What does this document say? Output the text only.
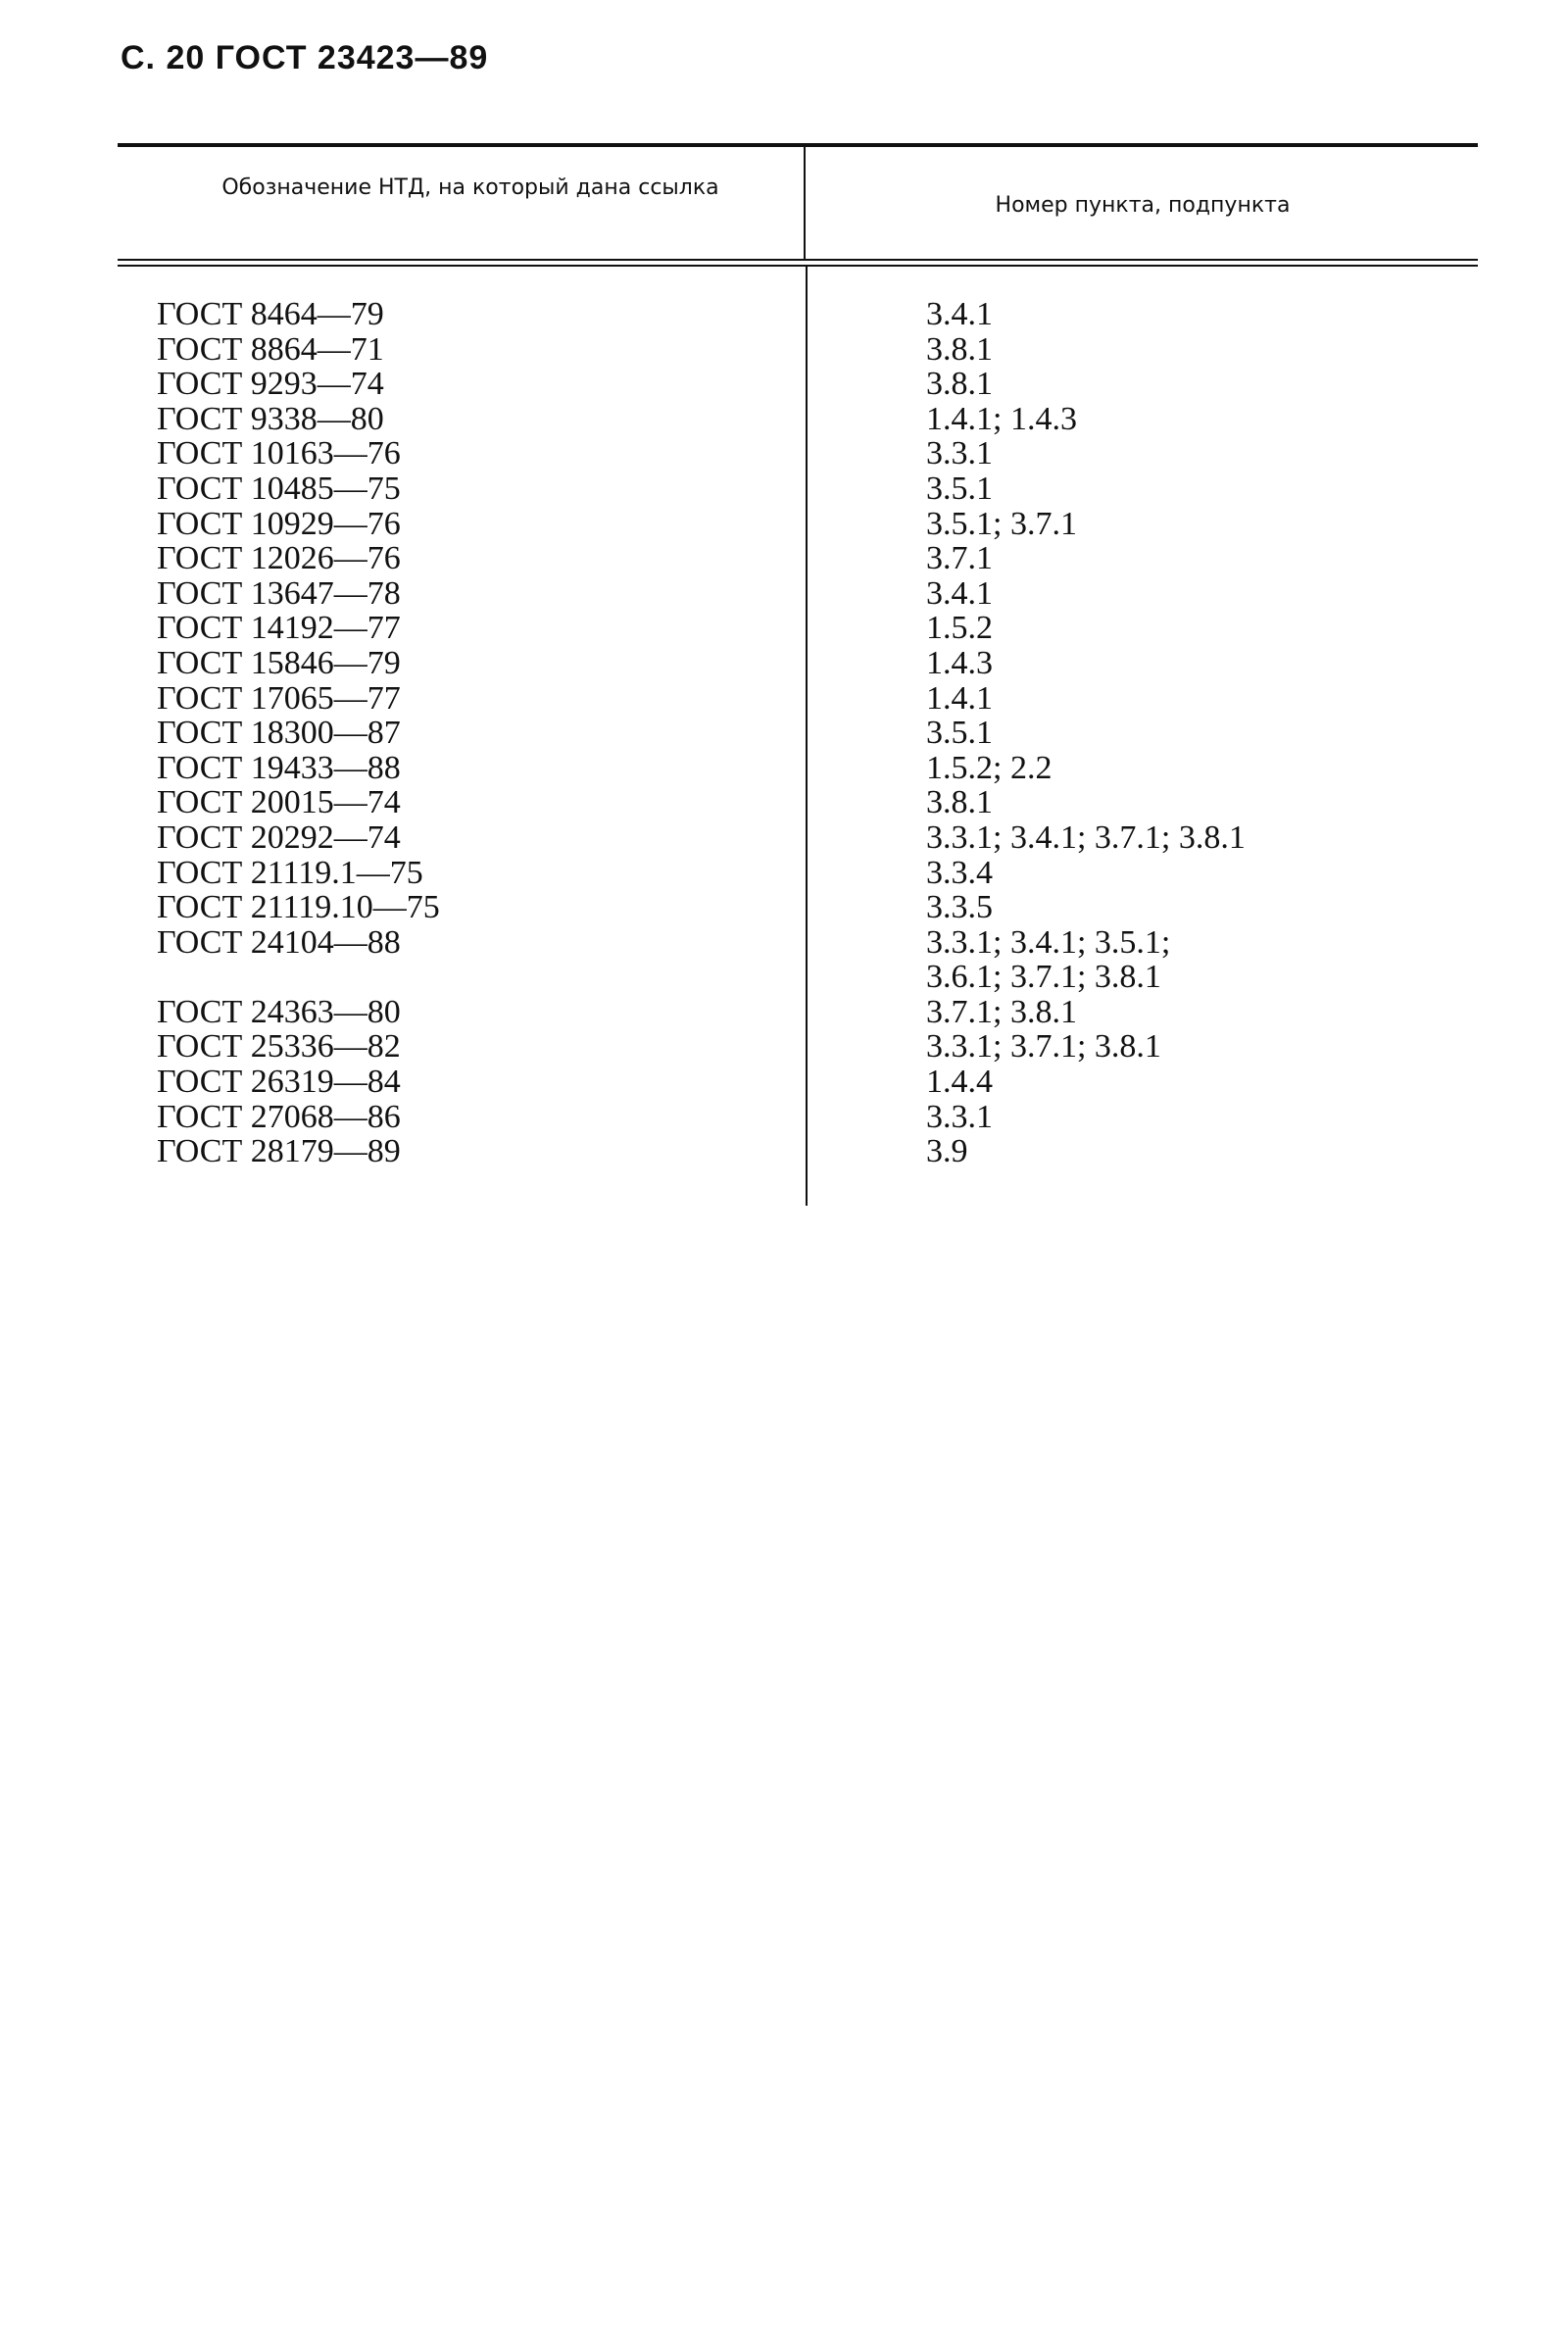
С. 20 ГОСТ 23423—89
Обозначение НТД, на который дана ссылка
Номер пункта, подпункта
ГОСТ 8464—79
ГОСТ 8864—71
ГОСТ 9293—74
ГОСТ 9338—80
ГОСТ 10163—76
ГОСТ 10485—75
ГОСТ 10929—76
ГОСТ 12026—76
ГОСТ 13647—78
ГОСТ 14192—77
ГОСТ 15846—79
ГОСТ 17065—77
ГОСТ 18300—87
ГОСТ 19433—88
ГОСТ 20015—74
ГОСТ 20292—74
ГОСТ 21119.1—75
ГОСТ 21119.10—75
ГОСТ 24104—88
ГОСТ 24363—80
ГОСТ 25336—82
ГОСТ 26319—84
ГОСТ 27068—86
ГОСТ 28179—89
3.4.1
3.8.1
3.8.1
1.4.1; 1.4.3
3.3.1
3.5.1
3.5.1; 3.7.1
3.7.1
3.4.1
1.5.2
1.4.3
1.4.1
3.5.1
1.5.2; 2.2
3.8.1
3.3.1; 3.4.1; 3.7.1; 3.8.1
3.3.4
3.3.5
3.3.1; 3.4.1; 3.5.1;
3.6.1; 3.7.1; 3.8.1
3.7.1; 3.8.1
3.3.1; 3.7.1; 3.8.1
1.4.4
3.3.1
3.9
